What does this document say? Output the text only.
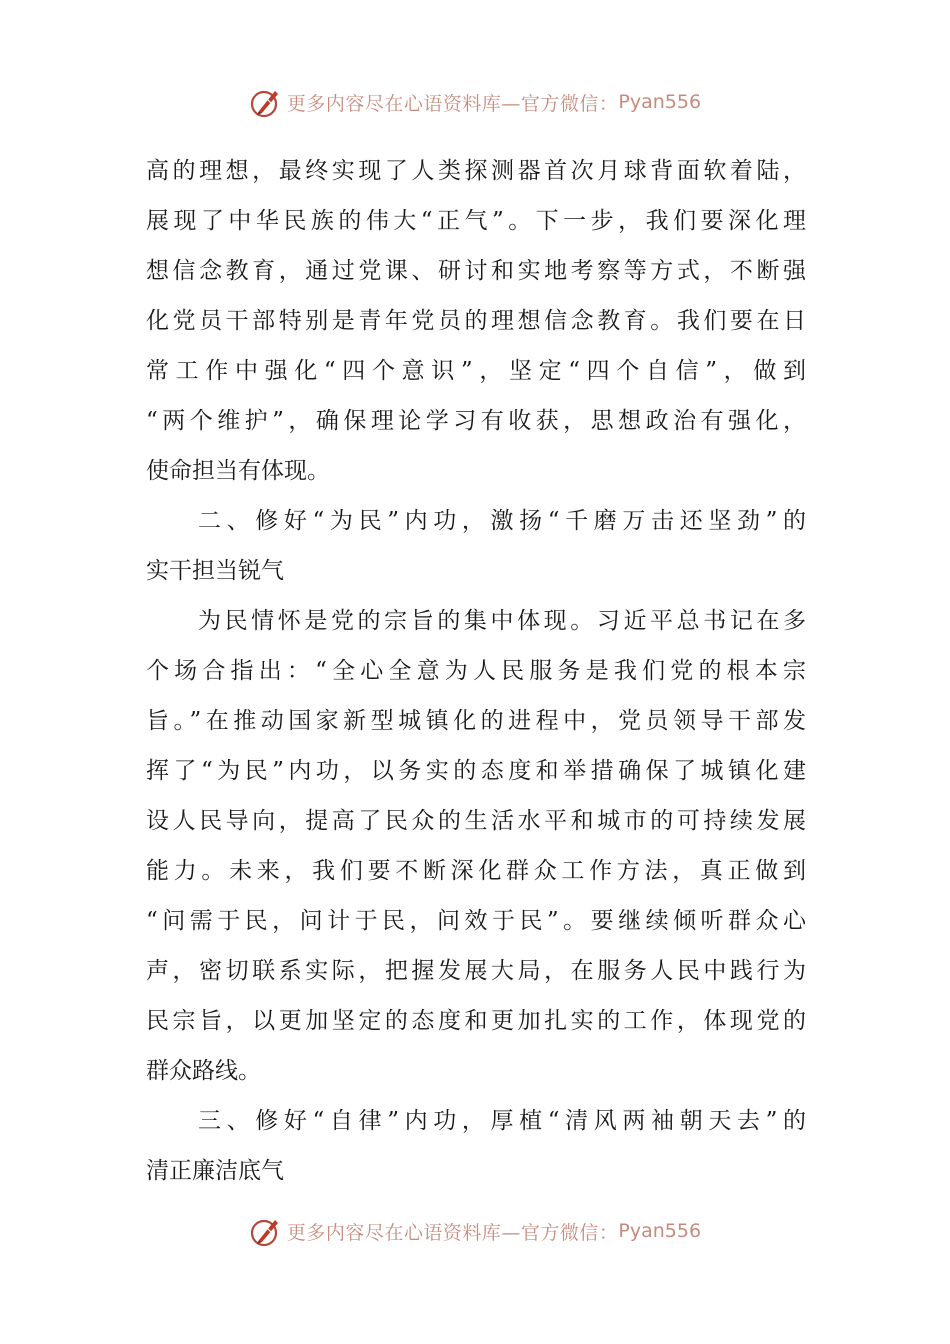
更多内容尽在心语资料库—官方微信： Pyan556
高的理想，最终实现了人类探测器首次月球背面软着陆，
展现了中华民族的伟大“正气”。下一步，我们要深化理
想信念教育，通过党课、研讨和实地考察等方式，不断强
化党员干部特别是青年党员的理想信念教育。我们要在日
常工作中强化“四个意识”，坚定“四个自信”，做到
“两个维护”，确保理论学习有收获，思想政治有强化，
使命担当有体现。
二、修好“为民”内功，激扬“千磨万击还坚劲”的
实干担当锐气
为民情怀是党的宗旨的集中体现。习近平总书记在多
个场合指出：“全心全意为人民服务是我们党的根本宗
旨。”在推动国家新型城镇化的进程中，党员领导干部发
挥了“为民”内功，以务实的态度和举措确保了城镇化建
设人民导向，提高了民众的生活水平和城市的可持续发展
能力。未来，我们要不断深化群众工作方法，真正做到
“问需于民，问计于民，问效于民”。要继续倾听群众心
声，密切联系实际，把握发展大局，在服务人民中践行为
民宗旨，以更加坚定的态度和更加扎实的工作，体现党的
群众路线。
三、修好“自律”内功，厚植“清风两袖朝天去”的
清正廉洁底气
更多内容尽在心语资料库—官方微信： Pyan556
